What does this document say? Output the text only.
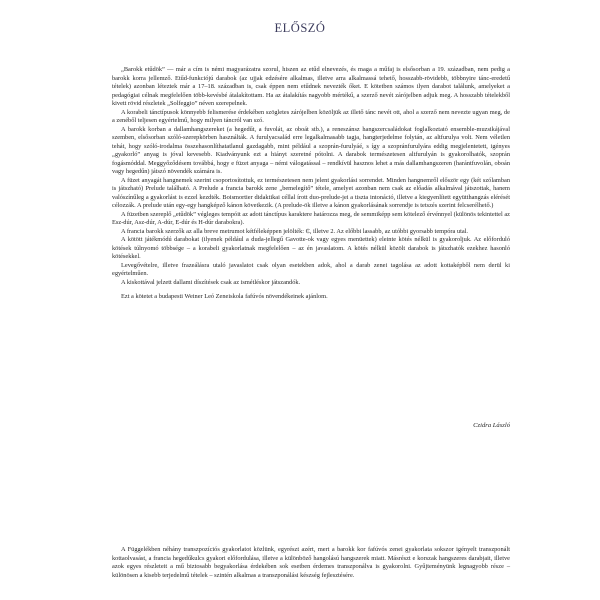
ELŐSZÓ

„Barokk etűdök” — már a cím is némi magyarázatra szorul, hiszen az etűd elnevezés, és maga a műfaj is elsősorban a 19. században, nem pedig a barokk korra jellemző. Etűd-funkciójú darabok (az ujjak edzésére alkalmas, illetve arra alkalmassá tehető, hosszabb-rövidebb, többnyire tánc-eredetű tételek) azonban léteztek már a 17–18. században is, csak éppen nem etűdnek nevezték őket. E kötetben számos ilyen darabot találunk, amelyeket a pedagógiai célnak megfelelően több-kevésbé átalakítottam. Ha az átalakítás nagyobb mértékű, a szerző nevét zárójelben adjuk meg. A hosszabb tételekből kivett rövid részletek „Solfeggio” néven szerepelnek.

A korabeli tánctípusok könnyebb felismerése érdekében szögletes zárójelben közöljük az illető tánc nevét ott, ahol a szerző nem nevezte ugyan meg, de a zenéből teljesen egyértelmű, hogy milyen táncról van szó.

A barokk korban a dallamhangszereket (a hegedűt, a fuvolát, az oboát stb.), a reneszánsz hangszercsaládokat foglalkoztató ensemble-muzsikájával szemben, elsősorban szóló-szerepkörben használták. A furulyacsalád erre legalkalmasabb tagja, hangterjedelme folytán, az altfurulya volt. Nem véletlen tehát, hogy szóló-irodalma összehasonlíthatatlanul gazdagabb, mint például a szoprán-furulyáé, s így a szopránfurulyára eddig megjelentetett, igényes „gyakorló” anyag is jóval kevesebb. Kiadványunk ezt a hiányt szeretné pótolni. A darabok természetesen altfurulyán is gyakorolhatók, szoprán fogásmóddal. Meggyőződésem továbbá, hogy e füzet anyaga – némi válogatással – rendkívül hasznos lehet a más dallamhangszeren (harántfuvolán, oboán vagy hegedűn) játszó növendék számára is.

A füzet anyagát hangnemek szerint csoportosítottuk, ez természetesen nem jelent gyakorlási sorrendet. Minden hangnemről először egy (két szólamban is játszható) Prelude található. A Prelude a francia barokk zene „bemelegítő” tétele, amelyet azonban nem csak az előadás alkalmával játszottak, hanem valószínűleg a gyakorlást is ezzel kezdték. Boismortier didaktikai céllal írott duo-prelude-jei a tiszta intonáció, illetve a kiegyenlített együtthangzás elérését célozzák. A prelude után egy-egy hangképző kánon következik. (A prelude-ök illetve a kánon gyakorlásának sorrendje is tetszés szerint felcserélhető.)

A füzetben szereplő „etűdök” végleges tempóit az adott tánctípus karaktere határozza meg, de semmiképp sem kötelező érvénnyel (különös tekintettel az Esz-dúr, Asz-dúr, A-dúr, E-dúr és H-dúr darabokra).

A francia barokk szerzők az alla breve metrumot kétféleképpen jelölték: ₵, illetve 2. Az előbbi lassabb, az utóbbi gyorsabb tempóra utal.

A kötött játékmódú darabokat (ilyenek például a duda-jellegű Gavotte-ok vagy egyes menüettek) eleinte kötés nélkül is gyakoroljuk. Az előforduló kötések túlnyomó többsége – a korabeli gyakorlatnak megfelelően – az én javaslatom. A kötés nélkül közölt darabok is játszhatók ezekhez hasonló kötésekkel.

Levegővételre, illetve frazeálásra utaló javaslatot csak olyan esetekben adok, ahol a darab zenei tagolása az adott kottaképből nem derül ki egyértelműen.

A kiskottával jelzett dallami díszítések csak az ismétléskor játszandók.

Ezt a kötetet a budapesti Weiner Leó Zeneiskola fafúvós növendékeinek ajánlom.

Czidra László

A Függelékben néhány transzpozíciós gyakorlatot közlünk, egyrészt azért, mert a barokk kor fafúvós zenei gyakorlata sokszor igényelt transzponált kottaolvasást, a francia hegedűkulcs gyakori előfordulása, illetve a különböző hangolású hangszerek miatt. Másrészt e korszak hangszeres darabjait, illetve azok egyes részleteit a mű biztosabb begyakorlása érdekében sok esetben érdemes transzponálva is gyakorolni. Gyűjteményünk legnagyobb része – különösen a kisebb terjedelmű tételek – szintén alkalmas a transzponálási készség fejlesztésére.
